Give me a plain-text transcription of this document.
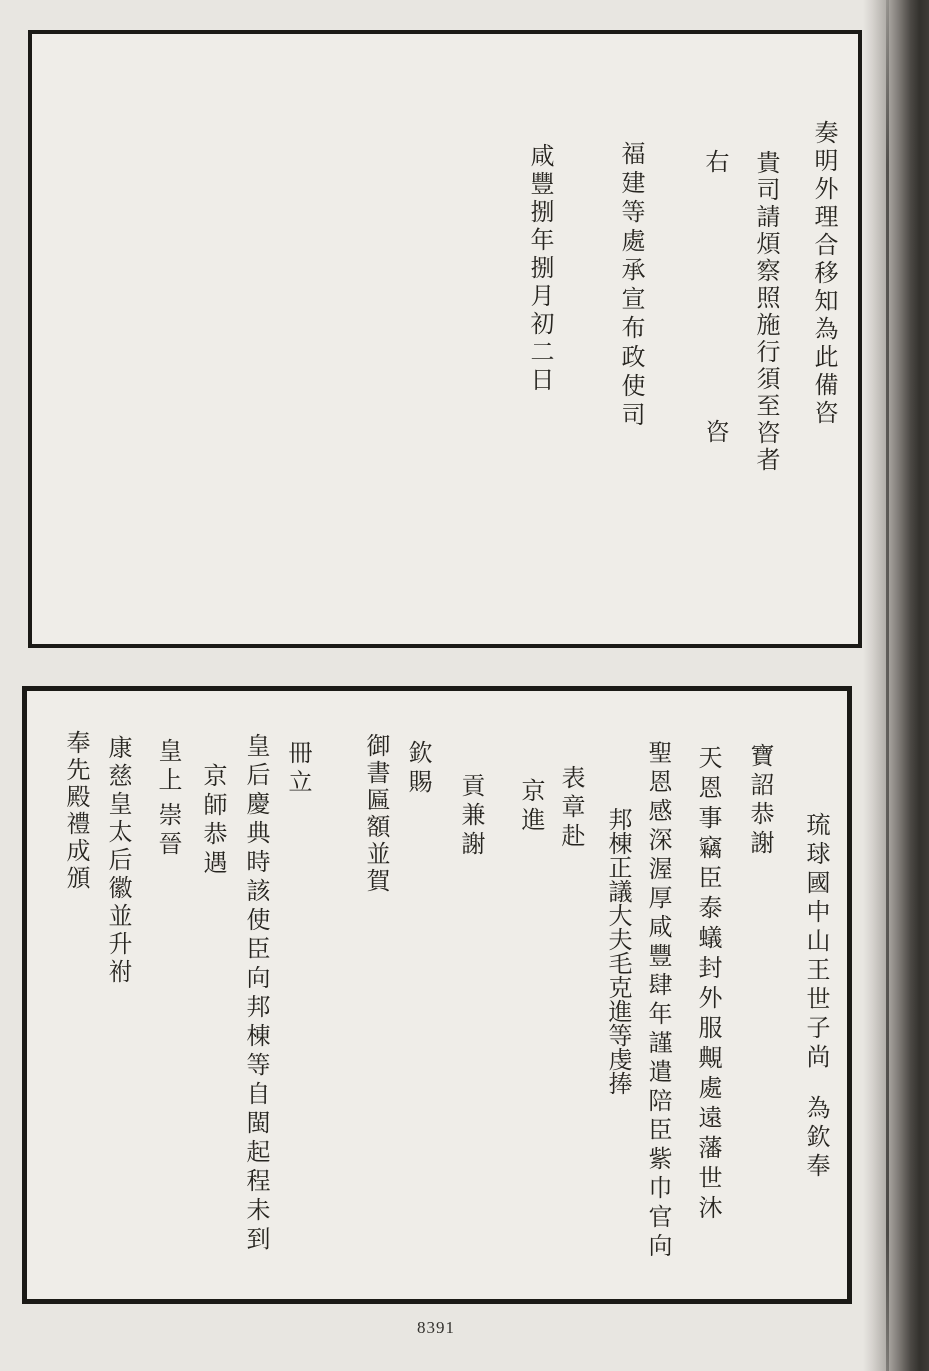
奏明外理合移知為此備咨
貴司請煩察照施行須至咨者
右咨
福建等處承宣布政使司
咸豐捌年捌月初二日
琉球國中山王世子尚為欽奉
寶詔恭謝
天恩事竊臣泰蟻封外服覥處遠藩世沐
聖恩感深渥厚咸豐肆年謹遣陪臣紫巾官向
邦棟正議大夫毛克進等虔捧
表章赴
京進
貢兼謝
欽賜
御書匾額並賀
冊立
皇后慶典時該使臣向邦棟等自閩起程未到
京師恭遇
皇上崇晉
康慈皇太后徽並升祔
奉先殿禮成頒
8391
